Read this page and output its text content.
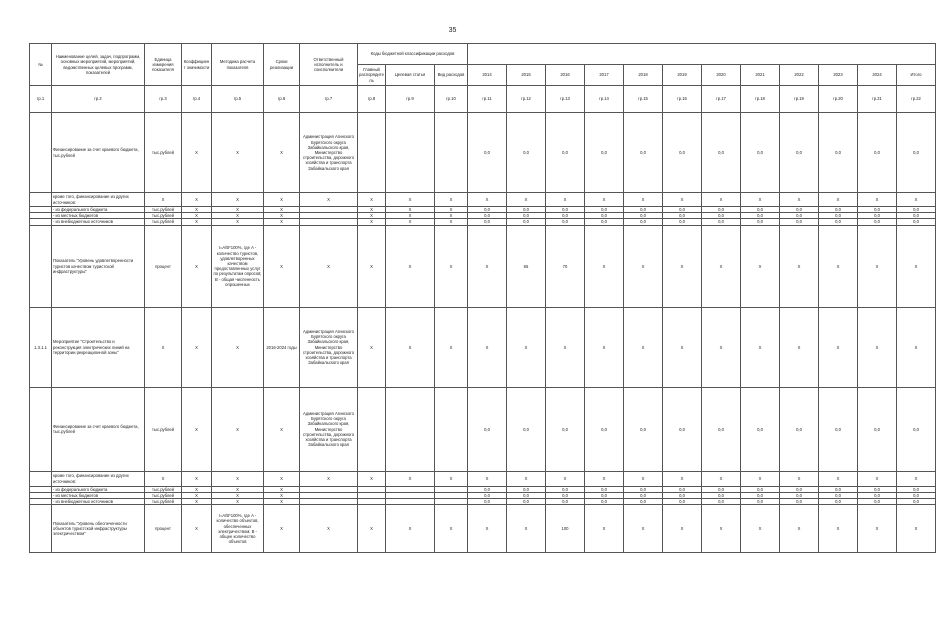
35
№	Наименование целей, задач, подпрограмм, основных мероприятий, мероприятий, ведомственных целевых программ, показателей	Единица измерения показателя	Коэффициент значимости	Методика расчета показателя	Сроки реализации	Ответственный исполнитель и соисполнители	Коды бюджетной классификации расходов															
							Главный распорядитель	Целевая статья	Вид расходов	2014	2015	2016	2017	2018	2019	2020	2021	2022	2023	2024	Итого	
гр.1	гр.2	гр.3	гр.4	гр.5	гр.6	гр.7	гр.8	гр.9	гр.10	гр.11	гр.12	гр.13	гр.14	гр.15	гр.16	гр.17	гр.18	гр.19	гр.20	гр.21	гр.22		
	Финансирование за счет краевого бюджета, тыс.рублей	тыс.рублей	X	X	X	Администрация Агинского Бурятского округа Забайкальского края, Министерство строительства, дорожного хозяйства и транспорта Забайкальского края				0,0	0,0	0,0	0,0	0,0	0,0	0,0	0,0	0,0	0,0	0,0	0,0	
	кроме того, финансирование из других источников:	X	X	X	X	X	X	X	X	X	X	X	X	X	X	X	X	X	X	X	X	
	- из федерального бюджета	тыс.рублей	X	X	X		X	X	X	0,0	0,0	0,0	0,0	0,0	0,0	0,0	0,0	0,0	0,0	0,0	0,0	
	- из местных бюджетов	тыс.рублей	X	X	X		X	X	X	0,0	0,0	0,0	0,0	0,0	0,0	0,0	0,0	0,0	0,0	0,0	0,0	
	- из внебюджетных источников	тыс.рублей	X	X	X		X	X	X	0,0	0,0	0,0	0,0	0,0	0,0	0,0	0,0	0,0	0,0	0,0	0,0	
	Показатель "Уровень удовлетворенности туристов качеством туристской инфраструктуры"	процент	X	I=A/B*100%, где A - количество туристов, удовлетворенных качеством предоставленных услуг по результатам опросов; B - общая численность опрошенных	X	X	X	X	X	X	65	70	X	X	X	X	X	X	X	X	X	
1.3.1.1	Мероприятие "Строительство и реконструкция электрических линий на территории рекреационной зоны"	X	X	X	2016-2024 годы	Администрация Агинского Бурятского округа Забайкальского края, Министерство строительства, дорожного хозяйства и транспорта Забайкальского края	X	X	X	X	X	X	X	X	X	X	X	X	X	X	X	
	Финансирование за счет краевого бюджета, тыс.рублей	тыс.рублей	X	X	X	Администрация Агинского Бурятского округа Забайкальского края, Министерство строительства, дорожного хозяйства и транспорта Забайкальского края				0,0	0,0	0,0	0,0	0,0	0,0	0,0	0,0	0,0	0,0	0,0	0,0	
	кроме того, финансирование из других источников:	X	X	X	X	X	X	X	X	X	X	X	X	X	X	X	X	X	X	X	X	
	- из федерального бюджета	тыс.рублей	X	X	X					0,0	0,0	0,0	0,0	0,0	0,0	0,0	0,0	0,0	0,0	0,0	0,0	
	- из местных бюджетов	тыс.рублей	X	X	X					0,0	0,0	0,0	0,0	0,0	0,0	0,0	0,0	0,0	0,0	0,0	0,0	
	- из внебюджетных источников	тыс.рублей	X	X	X					0,0	0,0	0,0	0,0	0,0	0,0	0,0	0,0	0,0	0,0	0,0	0,0	
	Показатель "Уровень обеспеченности объектов туристской инфраструктуры электричеством"	процент	X	I=A/B*100%, где A - количество объектов, обеспеченных электричеством; B - общее количество объектов	X	X	X	X	X	X	X	100	X	X	X	X	X	X	X	X	X	
